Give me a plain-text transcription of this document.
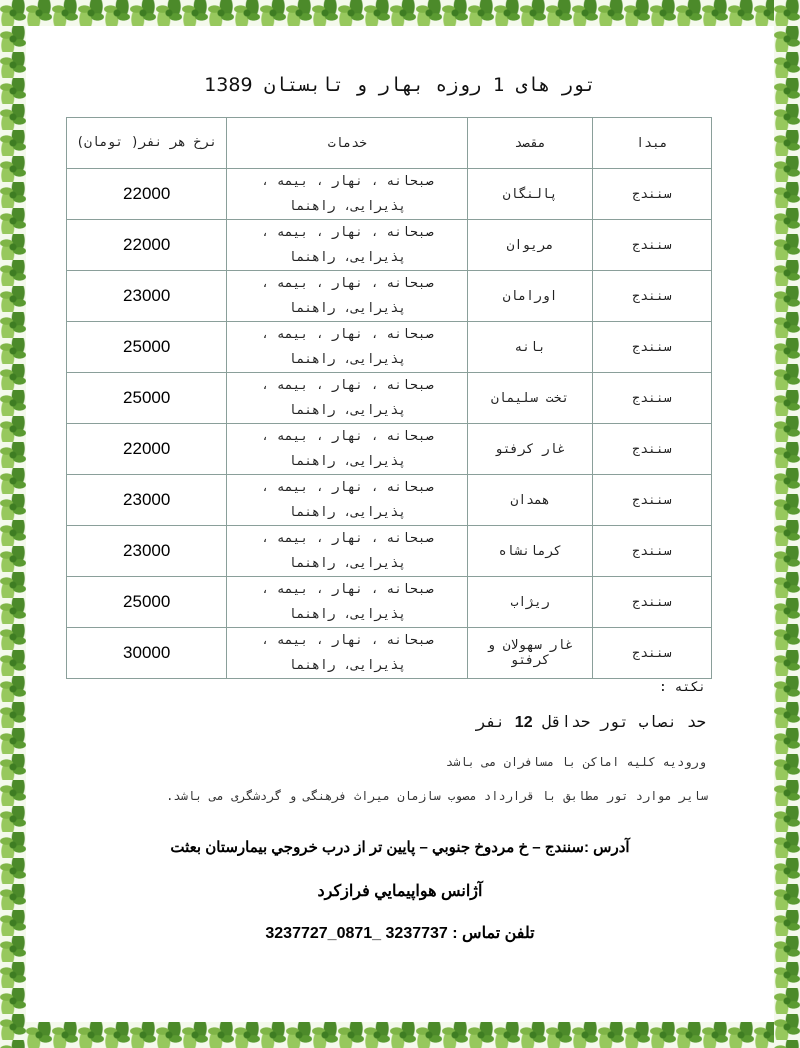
تور های 1 روزه بهار و تابستان 1389
مبدا	مقصد	خدمات	نرخ هر نفر( تومان)
سنندج	پالنگان	صبحانه ، نهار ، بیمه ، پذیرایی، راهنما	22000
سنندج	مریوان	صبحانه ، نهار ، بیمه ، پذیرایی، راهنما	22000
سنندج	اورامان	صبحانه ، نهار ، بیمه ، پذیرایی، راهنما	23000
سنندج	بانه	صبحانه ، نهار ، بیمه ، پذیرایی، راهنما	25000
سنندج	تخت سلیمان	صبحانه ، نهار ، بیمه ، پذیرایی، راهنما	25000
سنندج	غار کرفتو	صبحانه ، نهار ، بیمه ، پذیرایی، راهنما	22000
سنندج	همدان	صبحانه ، نهار ، بیمه ، پذیرایی، راهنما	23000
سنندج	کرمانشاه	صبحانه ، نهار ، بیمه ، پذیرایی، راهنما	23000
سنندج	ریژاب	صبحانه ، نهار ، بیمه ، پذیرایی، راهنما	25000
سنندج	غار سهولان و کرفتو	صبحانه ، نهار ، بیمه ، پذیرایی، راهنما	30000
نکته :
حد نصاب تور حداقل 12 نفر
ورودیه کلیه اماکن با مسافران می باشد
سایر موارد تور مطابق با قرارداد مصوب سازمان میراث فرهنگی و گردشگری می باشد.
آدرس :سنندج – خ مردوخ جنوبي – پايين تر از درب خروجي بيمارستان بعثت
آژانس هواپيمايي فرازكرد
تلفن تماس : 3237737 _0871_3237727
